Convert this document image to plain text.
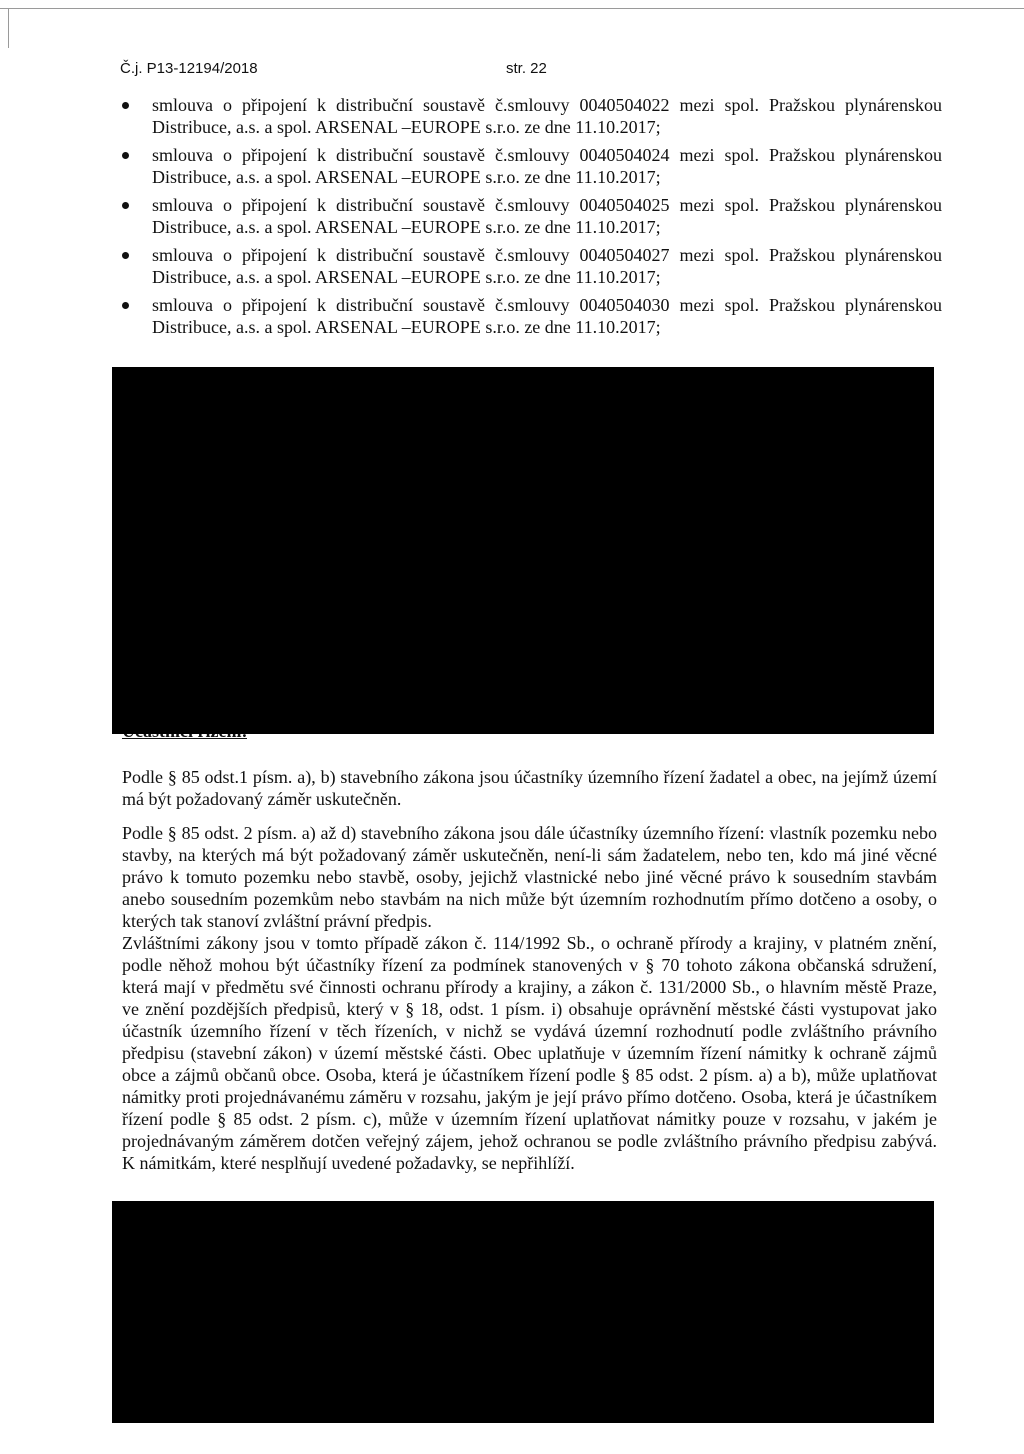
Č.j. P13-12194/2018	str. 22
smlouva o připojení k distribuční soustavě č.smlouvy 0040504022 mezi spol. Pražskou plynárenskou Distribuce, a.s. a spol. ARSENAL –EUROPE s.r.o. ze dne 11.10.2017;
smlouva o připojení k distribuční soustavě č.smlouvy 0040504024 mezi spol. Pražskou plynárenskou Distribuce, a.s. a spol. ARSENAL –EUROPE s.r.o. ze dne 11.10.2017;
smlouva o připojení k distribuční soustavě č.smlouvy 0040504025 mezi spol. Pražskou plynárenskou Distribuce, a.s. a spol. ARSENAL –EUROPE s.r.o. ze dne 11.10.2017;
smlouva o připojení k distribuční soustavě č.smlouvy 0040504027 mezi spol. Pražskou plynárenskou Distribuce, a.s. a spol. ARSENAL –EUROPE s.r.o. ze dne 11.10.2017;
smlouva o připojení k distribuční soustavě č.smlouvy 0040504030 mezi spol. Pražskou plynárenskou Distribuce, a.s. a spol. ARSENAL –EUROPE s.r.o. ze dne 11.10.2017;

Podle § 85 odst.1 písm. a), b) stavebního zákona jsou účastníky územního řízení žadatel a obec, na jejímž území má být požadovaný záměr uskutečněn.

Podle § 85 odst. 2 písm. a) až d) stavebního zákona jsou dále účastníky územního řízení: vlastník pozemku nebo stavby, na kterých má být požadovaný záměr uskutečněn, není-li sám žadatelem, nebo ten, kdo má jiné věcné právo k tomuto pozemku nebo stavbě, osoby, jejichž vlastnické nebo jiné věcné právo k sousedním stavbám anebo sousedním pozemkům nebo stavbám na nich může být územním rozhodnutím přímo dotčeno a osoby, o kterých tak stanoví zvláštní právní předpis.

Zvláštními zákony jsou v tomto případě zákon č. 114/1992 Sb., o ochraně přírody a krajiny, v platném znění, podle něhož mohou být účastníky řízení za podmínek stanovených v § 70 tohoto zákona občanská sdružení, která mají v předmětu své činnosti ochranu přírody a krajiny, a zákon č. 131/2000 Sb., o hlavním městě Praze, ve znění pozdějších předpisů, který v § 18, odst. 1 písm. i) obsahuje oprávnění městské části vystupovat jako účastník územního řízení v těch řízeních, v nichž se vydává územní rozhodnutí podle zvláštního právního předpisu (stavební zákon) v území městské části. Obec uplatňuje v územním řízení námitky k ochraně zájmů obce a zájmů občanů obce. Osoba, která je účastníkem řízení podle § 85 odst. 2 písm. a) a b), může uplatňovat námitky proti projednávanému záměru v rozsahu, jakým je její právo přímo dotčeno. Osoba, která je účastníkem řízení podle § 85 odst. 2 písm. c), může v územním řízení uplatňovat námitky pouze v rozsahu, v jakém je projednávaným záměrem dotčen veřejný zájem, jehož ochranou se podle zvláštního právního předpisu zabývá. K námitkám, které nesplňují uvedené požadavky, se nepřihlíží.
